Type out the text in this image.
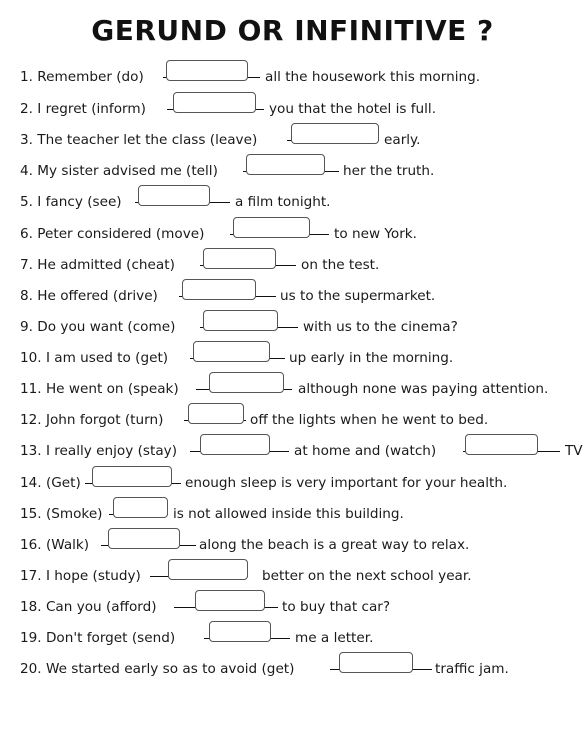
GERUND OR INFINITIVE ?
1. Remember (do)	all the housework this morning.
2. I regret (inform)	you that the hotel is full.
3. The teacher let the class (leave)	early.
4. My sister advised me (tell)	her the truth.
5. I fancy (see)	a film tonight.
6. Peter considered (move)	to new York.
7. He admitted (cheat)	on the test.
8. He offered (drive)	us to the supermarket.
9. Do you want (come)	with us to the cinema?
10. I am used to (get)	up early in the morning.
11. He went on (speak)	although none was paying attention.
12. John forgot (turn)	off the lights when he went to bed.
13. I really enjoy (stay)	at home and (watch)	TV
14. (Get)	enough sleep is very important for your health.
15. (Smoke)	is not allowed inside this building.
16. (Walk)	along the beach is a great way to relax.
17. I hope (study)	better on the next school year.
18. Can you (afford)	to buy that car?
19. Don't forget (send)	me a letter.
20. We started early so as to avoid (get)	traffic jam.
